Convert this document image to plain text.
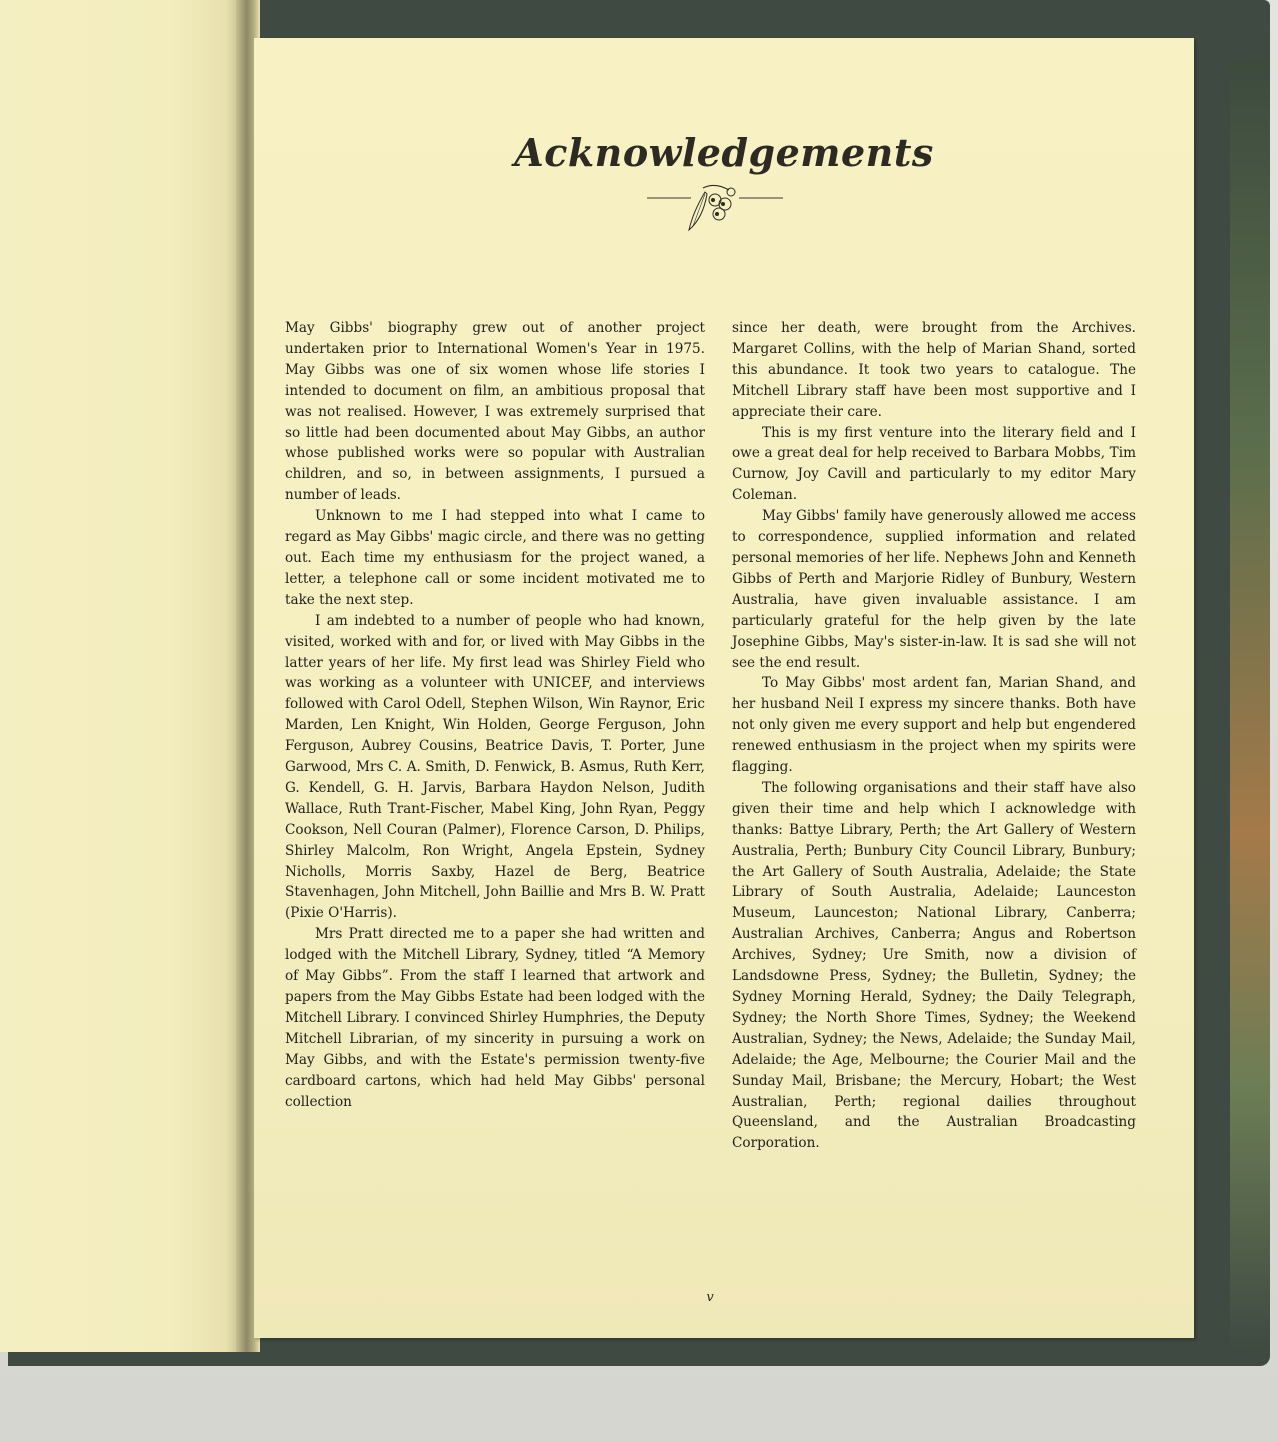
Acknowledgements

May Gibbs' biography grew out of another project undertaken prior to International Women's Year in 1975. May Gibbs was one of six women whose life stories I intended to document on film, an ambitious proposal that was not realised. However, I was extremely surprised that so little had been documented about May Gibbs, an author whose published works were so popular with Australian children, and so, in between assignments, I pursued a number of leads.

Unknown to me I had stepped into what I came to regard as May Gibbs' magic circle, and there was no getting out. Each time my enthusiasm for the project waned, a letter, a telephone call or some incident motivated me to take the next step.

I am indebted to a number of people who had known, visited, worked with and for, or lived with May Gibbs in the latter years of her life. My first lead was Shirley Field who was working as a volunteer with UNICEF, and interviews followed with Carol Odell, Stephen Wilson, Win Raynor, Eric Marden, Len Knight, Win Holden, George Ferguson, John Ferguson, Aubrey Cousins, Beatrice Davis, T. Porter, June Garwood, Mrs C. A. Smith, D. Fenwick, B. Asmus, Ruth Kerr, G. Kendell, G. H. Jarvis, Barbara Haydon Nelson, Judith Wallace, Ruth Trant-Fischer, Mabel King, John Ryan, Peggy Cookson, Nell Couran (Palmer), Florence Carson, D. Philips, Shirley Malcolm, Ron Wright, Angela Epstein, Sydney Nicholls, Morris Saxby, Hazel de Berg, Beatrice Stavenhagen, John Mitchell, John Baillie and Mrs B. W. Pratt (Pixie O'Harris).

Mrs Pratt directed me to a paper she had written and lodged with the Mitchell Library, Sydney, titled “A Memory of May Gibbs”. From the staff I learned that artwork and papers from the May Gibbs Estate had been lodged with the Mitchell Library. I convinced Shirley Humphries, the Deputy Mitchell Librarian, of my sincerity in pursuing a work on May Gibbs, and with the Estate's permission twenty-five cardboard cartons, which had held May Gibbs' personal collection

since her death, were brought from the Archives. Margaret Collins, with the help of Marian Shand, sorted this abundance. It took two years to catalogue. The Mitchell Library staff have been most supportive and I appreciate their care.

This is my first venture into the literary field and I owe a great deal for help received to Barbara Mobbs, Tim Curnow, Joy Cavill and particularly to my editor Mary Coleman.

May Gibbs' family have generously allowed me access to correspondence, supplied information and related personal memories of her life. Nephews John and Kenneth Gibbs of Perth and Marjorie Ridley of Bunbury, Western Australia, have given invaluable assistance. I am particularly grateful for the help given by the late Josephine Gibbs, May's sister-in-law. It is sad she will not see the end result.

To May Gibbs' most ardent fan, Marian Shand, and her husband Neil I express my sincere thanks. Both have not only given me every support and help but engendered renewed enthusiasm in the project when my spirits were flagging.

The following organisations and their staff have also given their time and help which I acknowledge with thanks: Battye Library, Perth; the Art Gallery of Western Australia, Perth; Bunbury City Council Library, Bunbury; the Art Gallery of South Australia, Adelaide; the State Library of South Australia, Adelaide; Launceston Museum, Launceston; National Library, Canberra; Australian Archives, Canberra; Angus and Robertson Archives, Sydney; Ure Smith, now a division of Landsdowne Press, Sydney; the Bulletin, Sydney; the Sydney Morning Herald, Sydney; the Daily Telegraph, Sydney; the North Shore Times, Sydney; the Weekend Australian, Sydney; the News, Adelaide; the Sunday Mail, Adelaide; the Age, Melbourne; the Courier Mail and the Sunday Mail, Brisbane; the Mercury, Hobart; the West Australian, Perth; regional dailies throughout Queensland, and the Australian Broadcasting Corporation.

v
